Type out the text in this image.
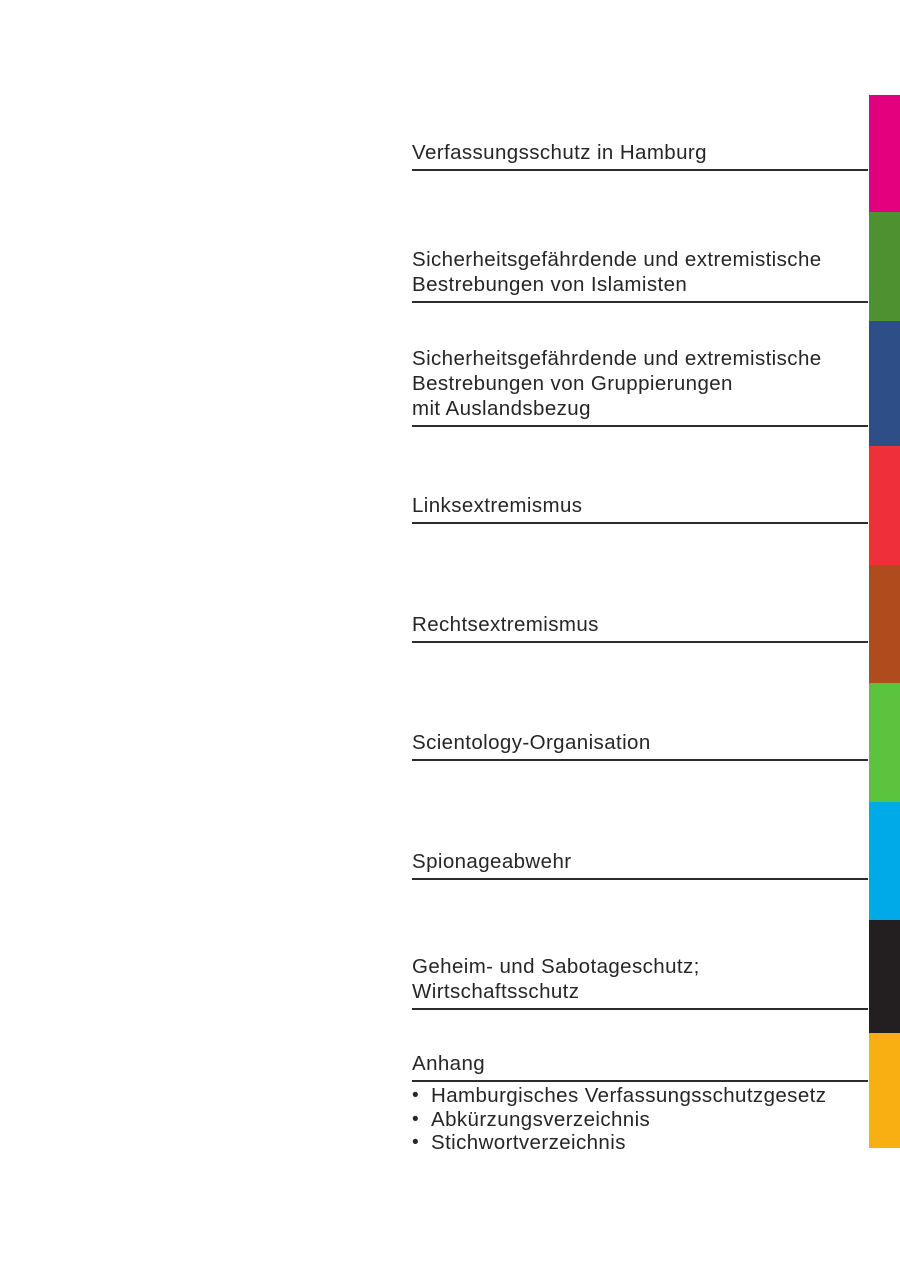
Verfassungsschutz in Hamburg
Sicherheitsgefährdende und extremistische
Bestrebungen von Islamisten
Sicherheitsgefährdende und extremistische
Bestrebungen von Gruppierungen
mit Auslandsbezug
Linksextremismus
Rechtsextremismus
Scientology-Organisation
Spionageabwehr
Geheim- und Sabotageschutz;
Wirtschaftsschutz
Anhang
• Hamburgisches Verfassungsschutzgesetz
• Abkürzungsverzeichnis
• Stichwortverzeichnis
